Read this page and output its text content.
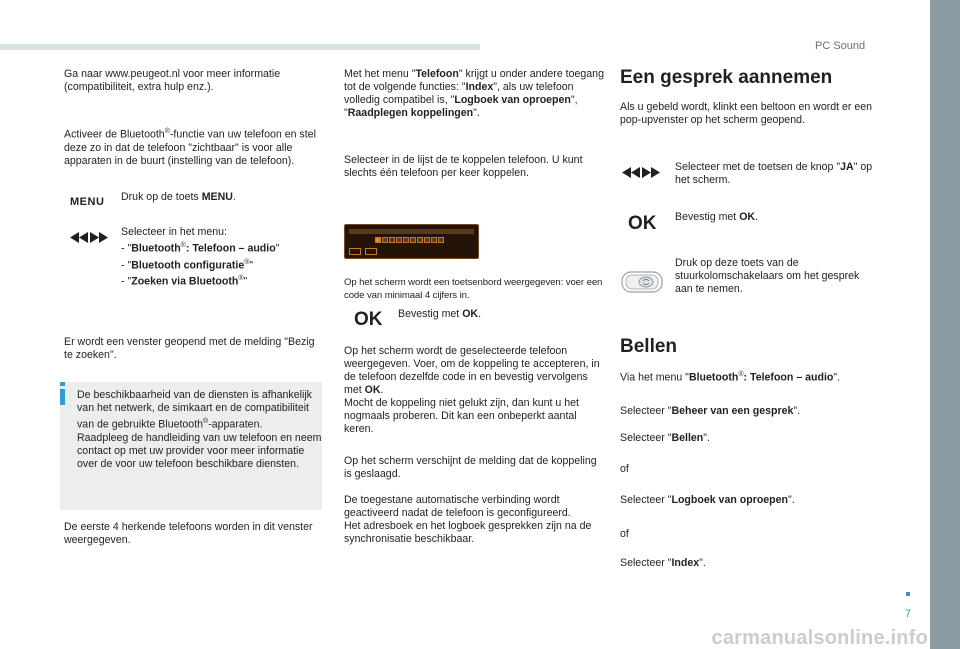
PC Sound
7
carmanualsonline.info

Ga naar www.peugeot.nl voor meer informatie (compatibiliteit, extra hulp enz.).

Activeer de Bluetooth®-functie van uw telefoon en stel deze zo in dat de telefoon "zichtbaar" is voor alle apparaten in de buurt (instelling van de telefoon).

MENU Druk op de toets MENU.

Selecteer in het menu:
- "Bluetooth®: Telefoon – audio"
- "Bluetooth configuratie®"
- "Zoeken via Bluetooth®"

Er wordt een venster geopend met de melding "Bezig te zoeken".

De beschikbaarheid van de diensten is afhankelijk van het netwerk, de simkaart en de compatibiliteit van de gebruikte Bluetooth®-apparaten.
Raadpleeg de handleiding van uw telefoon en neem contact op met uw provider voor meer informatie over de voor uw telefoon beschikbare diensten.

De eerste 4 herkende telefoons worden in dit venster weergegeven.

Met het menu "Telefoon" krijgt u onder andere toegang tot de volgende functies: "Index", als uw telefoon volledig compatibel is, "Logboek van oproepen", "Raadplegen koppelingen".

Selecteer in de lijst de te koppelen telefoon. U kunt slechts één telefoon per keer koppelen.

Op het scherm wordt een toetsenbord weergegeven: voer een code van minimaal 4 cijfers in.

OK Bevestig met OK.

Op het scherm wordt de geselecteerde telefoon weergegeven. Voer, om de koppeling te accepteren, in de telefoon dezelfde code in en bevestig vervolgens met OK.
Mocht de koppeling niet gelukt zijn, dan kunt u het nogmaals proberen. Dit kan een onbeperkt aantal keren.

Op het scherm verschijnt de melding dat de koppeling is geslaagd.

De toegestane automatische verbinding wordt geactiveerd nadat de telefoon is geconfigureerd.
Het adresboek en het logboek gesprekken zijn na de synchronisatie beschikbaar.

Een gesprek aannemen

Als u gebeld wordt, klinkt een beltoon en wordt er een pop-upvenster op het scherm geopend.

Selecteer met de toetsen de knop "JA" op het scherm.

OK Bevestig met OK.

Druk op deze toets van de stuurkolomschakelaars om het gesprek aan te nemen.

Bellen

Via het menu "Bluetooth®: Telefoon – audio".

Selecteer "Beheer van een gesprek".

Selecteer "Bellen".

of

Selecteer "Logboek van oproepen".

of

Selecteer "Index".
